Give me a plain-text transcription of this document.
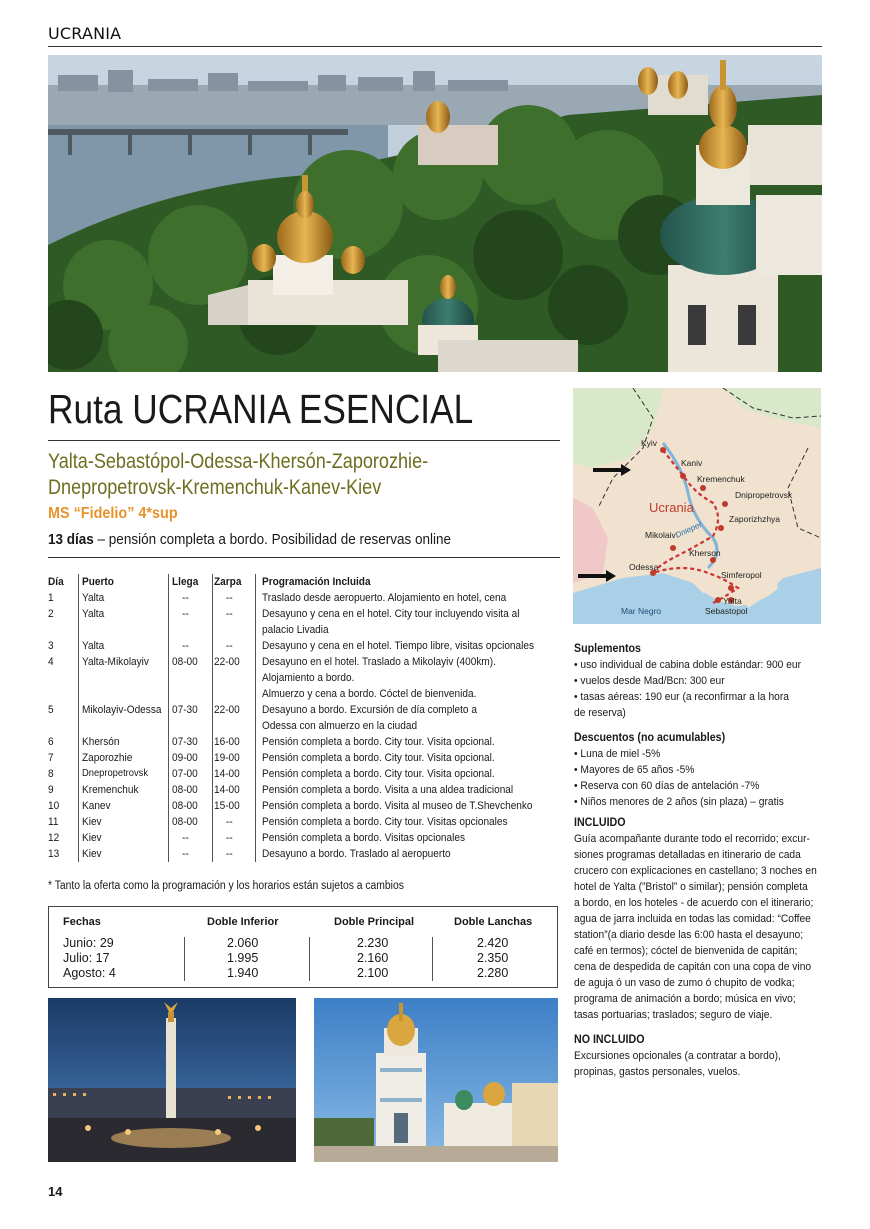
UCRANIA
Ruta UCRANIA ESENCIAL
Yalta-Sebastópol-Odessa-Khersón-Zaporozhie-
Dnepropetrovsk-Kremenchuk-Kanev-Kiev
MS “Fidelio” 4*sup
13 días – pensión completa a bordo. Posibilidad de reservas online
Día Puerto	Llega	Zarpa	Programación Incluida
1	Yalta	--	--	Traslado desde aeropuerto. Alojamiento en hotel, cena
2	Yalta	--	--	Desayuno y cena en el hotel. City tour incluyendo visita al
palacio Livadia
3	Yalta	--	--	Desayuno y cena en el hotel. Tiempo libre, visitas opcionales
4	Yalta-Mikolayiv 08-00	22-00	Desayuno en el hotel. Traslado a Mikolayiv (400km).
Alojamiento a bordo.
Almuerzo y cena a bordo. Cóctel de bienvenida.
5	Mikolayiv-Odessa 07-30	22-00	Desayuno a bordo. Excursión de día completo a
Odessa con almuerzo en la ciudad
6	Khersón	07-30	16-00	Pensión completa a bordo. City tour. Visita opcional.
7	Zaporozhie	09-00	19-00	Pensión completa a bordo. City tour. Visita opcional.
8	Dnepropetrovsk 07-00	14-00	Pensión completa a bordo. City tour. Visita opcional.
9	Kremenchuk	08-00	14-00	Pensión completa a bordo. Visita a una aldea tradicional
10 Kanev	08-00	15-00	Pensión completa a bordo. Visita al museo de T.Shevchenko
11 Kiev	08-00	--	Pensión completa a bordo. City tour. Visitas opcionales
12 Kiev	--	--	Pensión completa a bordo. Visitas opcionales
13 Kiev	--	--	Desayuno a bordo. Traslado al aeropuerto
* Tanto la oferta como la programación y los horarios están sujetos a cambios
Fechas	Doble Inferior	Doble Principal	Doble Lanchas
Junio: 29	2.060	2.230	2.420
Julio: 17	1.995	2.160	2.350
Agosto: 4	1.940	2.100	2.280
Kyiv
Kaniv
Kremenchuk
Dnipropetrovsk
Zaporizhzhya
Mikolaiv
Kherson
Odessa
Simferopol
Yalta
Sebastopol
Ucrania
Dnieper
Mar Negro
Suplementos
• uso individual de cabina doble estándar: 900 eur
• vuelos desde Mad/Bcn: 300 eur
• tasas aéreas: 190 eur (a reconfirmar a la hora
de reserva)
Descuentos (no acumulables)
• Luna de miel -5%
• Mayores de 65 años -5%
• Reserva con 60 días de antelación -7%
• Niños menores de 2 años (sin plaza) – gratis
INCLUIDO
Guía acompañante durante todo el recorrido; excur-
siones programas detalladas en itinerario de cada
crucero con explicaciones en castellano; 3 noches en
hotel de Yalta (”Bristol” o similar); pensión completa
a bordo, en los hoteles - de acuerdo con el itinerario;
agua de jarra incluida en todas las comidad: “Coffee
station”(a diario desde las 6:00 hasta el desayuno;
café en termos); cóctel de bienvenida de capitán;
cena de despedida de capitán con una copa de vino
de aguja ó un vaso de zumo ó chupito de vodka;
programa de animación a bordo; música en vivo;
tasas portuarias; traslados; seguro de viaje.
NO INCLUIDO
Excursiones opcionales (a contratar a bordo),
propinas, gastos personales, vuelos.
14
